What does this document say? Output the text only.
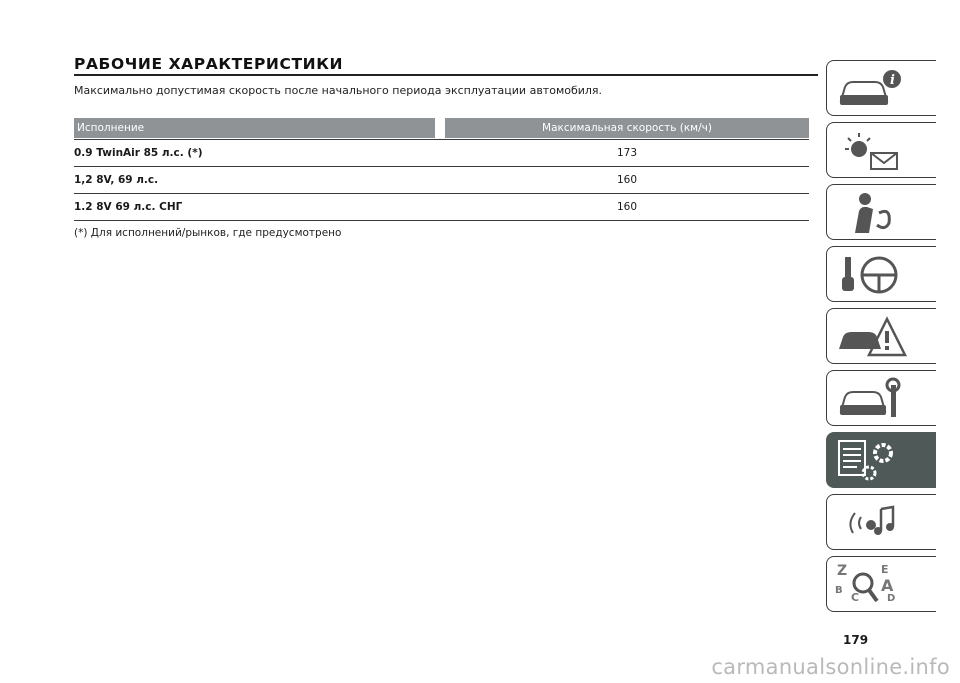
РАБОЧИЕ ХАРАКТЕРИСТИКИ
Максимально допустимая скорость после начального периода эксплуатации автомобиля.
Исполнение	Максимальная скорость (км/ч)
0.9 TwinAir 85 л.с. (*)	173
1,2 8V, 69 л.с.	160
1.2 8V 69 л.с. СНГ	160
(*) Для исполнений/рынков, где предусмотрено
i
Z	E
A
B
D
C
179
carmanualsonline.info
